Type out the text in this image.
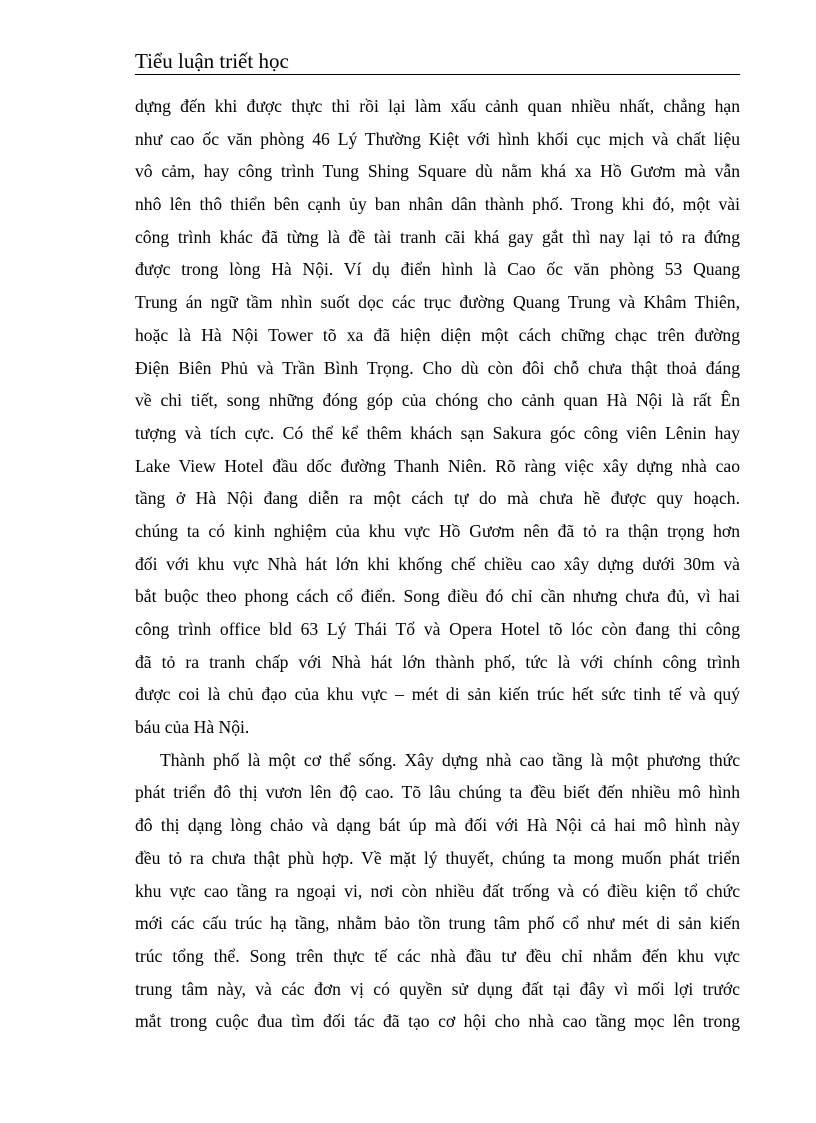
Tiểu luận triết học
dựng đến khi được thực thi rồi lại làm xấu cảnh quan nhiều nhất, chẳng hạn
như cao ốc văn phòng 46 Lý Thường Kiệt với hình khối cục mịch và chất liệu
vô cảm, hay công trình Tung Shing Square dù nằm khá xa Hồ Gươm mà vẫn
nhô lên thô thiển bên cạnh ủy ban nhân dân thành phố. Trong khi đó, một vài
công trình khác đã từng là đề tài tranh cãi khá gay gắt thì nay lại tỏ ra đứng
được trong lòng Hà Nội. Ví dụ điển hình là Cao ốc văn phòng 53 Quang
Trung án ngữ tầm nhìn suốt dọc các trục đường Quang Trung và Khâm Thiên,
hoặc là Hà Nội Tower tõ xa đã hiện diện một cách chững chạc trên đường
Điện Biên Phủ và Trần Bình Trọng. Cho dù còn đôi chỗ chưa thật thoả đáng
về chi tiết, song những đóng góp của chóng cho cảnh quan Hà Nội là rất Ên
tượng và tích cực. Có thể kể thêm khách sạn Sakura góc công viên Lênin hay
Lake View Hotel đầu dốc đường Thanh Niên. Rõ ràng việc xây dựng nhà cao
tầng ở Hà Nội đang diễn ra một cách tự do mà chưa hề được quy hoạch.
chúng ta có kinh nghiệm của khu vực Hồ Gươm nên đã tỏ ra thận trọng hơn
đối với khu vực Nhà hát lớn khi khống chế chiều cao xây dựng dưới 30m và
bắt buộc theo phong cách cổ điển. Song điều đó chỉ cần nhưng chưa đủ, vì hai
công trình office bld 63 Lý Thái Tổ và Opera Hotel tõ lóc còn đang thi công
đã tỏ ra tranh chấp với Nhà hát lớn thành phố, tức là với chính công trình
được coi là chủ đạo của khu vực – mét di sản kiến trúc hết sức tinh tế và quý
báu của Hà Nội.
Thành phố là một cơ thể sống. Xây dựng nhà cao tầng là một phương thức
phát triển đô thị vươn lên độ cao. Tõ lâu chúng ta đều biết đến nhiều mô hình
đô thị dạng lòng chảo và dạng bát úp mà đối với Hà Nội cả hai mô hình này
đều tỏ ra chưa thật phù hợp. Về mặt lý thuyết, chúng ta mong muốn phát triển
khu vực cao tầng ra ngoại vi, nơi còn nhiều đất trống và có điều kiện tổ chức
mới các cấu trúc hạ tầng, nhằm bảo tồn trung tâm phố cổ như mét di sản kiến
trúc tổng thể. Song trên thực tế các nhà đầu tư đều chỉ nhắm đến khu vực
trung tâm này, và các đơn vị có quyền sử dụng đất tại đây vì mối lợi trước
mắt trong cuộc đua tìm đối tác đã tạo cơ hội cho nhà cao tầng mọc lên trong
